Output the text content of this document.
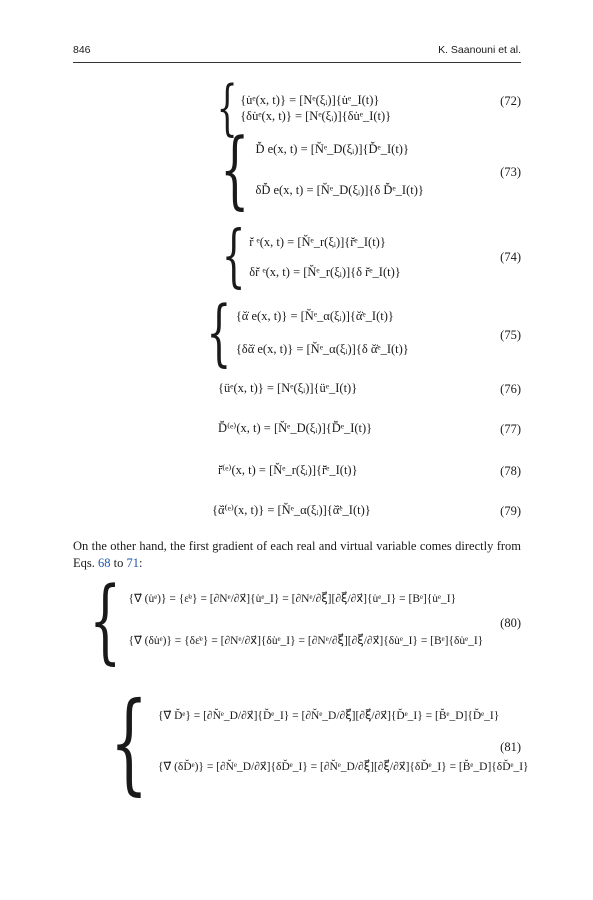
846	K. Saanouni et al.
{ {u̇ᵉ(x, t)} = [Nᵉ(ξᵢ)]{u̇ᵉ_I(t)}
{δu̇ᵉ(x, t)} = [Nᵉ(ξᵢ)]{δu̇ᵉ_I(t)}
(72)
{ D̆̇ e(x, t) = [N̆ᵉ_D(ξᵢ)]{D̆̇ᵉ_I(t)}
δD̆̇ e(x, t) = [N̆ᵉ_D(ξᵢ)]{δ D̆̇ᵉ_I(t)}
(73)
{ r̆̇ ᵉ(x, t) = [N̆ᵉ_r(ξᵢ)]{r̆̇ᵉ_I(t)}
δr̆̇ ᵉ(x, t) = [N̆ᵉ_r(ξᵢ)]{δ r̆̇ᵉ_I(t)}
(74)
{ {ᾰ̇ e(x, t)} = [N̆ᵉ_α(ξᵢ)]{ᾰ̇ᵉ_I(t)}
{δᾰ̇ e(x, t)} = [N̆ᵉ_α(ξᵢ)]{δ ᾰ̇ᵉ_I(t)}
(75)
{üᵉ(x, t)} = [Nᵉ(ξᵢ)]{üᵉ_I(t)}	(76)
D̆̈⁽ᵉ⁾(x, t) = [N̆ᵉ_D(ξᵢ)]{D̆̈ᵉ_I(t)}	(77)
r̆̈⁽ᵉ⁾(x, t) = [N̆ᵉ_r(ξᵢ)]{r̆̈ᵉ_I(t)}	(78)
{ᾰ̈⁽ᵉ⁾(x, t)} = [N̆ᵉ_α(ξᵢ)]{ᾰ̈ᵉ_I(t)}	(79)
On the other hand, the first gradient of each real and virtual variable comes directly from Eqs. 68 to 71:
{ {∇⃗ (u̇ᵉ)} = {ε̇ᵉ} = [∂Nᵉ/∂x⃗]{u̇ᵉ_I} = [∂Nᵉ/∂ξ⃗][∂ξ⃗/∂x⃗]{u̇ᵉ_I} = [Bᵉ]{u̇ᵉ_I}
{∇⃗ (δu̇ᵉ)} = {δε̇ᵉ} = [∂Nᵉ/∂x⃗]{δu̇ᵉ_I} = [∂Nᵉ/∂ξ⃗][∂ξ⃗/∂x⃗]{δu̇ᵉ_I} = [Bᵉ]{δu̇ᵉ_I}
(80)
{ {∇⃗ D̆ᵉ} = [∂N̆ᵉ_D/∂x⃗]{D̆ᵉ_I} = [∂N̆ᵉ_D/∂ξ⃗][∂ξ⃗/∂x⃗]{D̆ᵉ_I} = [B̆ᵉ_D]{D̆ᵉ_I}
{∇⃗ (δD̆ᵉ)} = [∂N̆ᵉ_D/∂x⃗]{δD̆ᵉ_I} = [∂N̆ᵉ_D/∂ξ⃗][∂ξ⃗/∂x⃗]{δD̆ᵉ_I} = [B̆ᵉ_D]{δD̆ᵉ_I}
(81)
